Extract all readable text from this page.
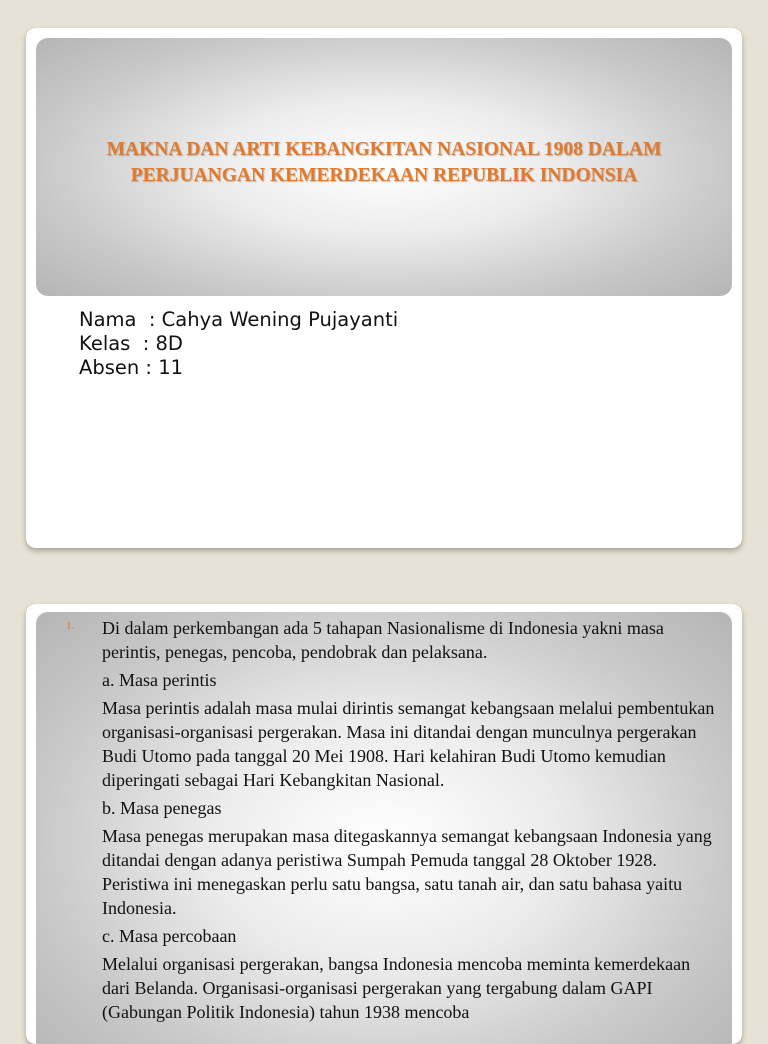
MAKNA DAN ARTI KEBANGKITAN NASIONAL 1908 DALAM
PERJUANGAN KEMERDEKAAN REPUBLIK INDONSIA
Nama  : Cahya Wening Pujayanti
Kelas  : 8D
Absen : 11
1. Di dalam perkembangan ada 5 tahapan Nasionalisme di Indonesia yakni masa perintis, penegas, pencoba, pendobrak dan pelaksana.

a. Masa perintis

Masa perintis adalah masa mulai dirintis semangat kebangsaan melalui pembentukan organisasi-organisasi pergerakan. Masa ini ditandai dengan munculnya pergerakan Budi Utomo pada tanggal 20 Mei 1908. Hari kelahiran Budi Utomo kemudian diperingati sebagai Hari Kebangkitan Nasional.

b. Masa penegas

Masa penegas merupakan masa ditegaskannya semangat kebangsaan Indonesia yang ditandai dengan adanya peristiwa Sumpah Pemuda tanggal 28 Oktober 1928. Peristiwa ini menegaskan perlu satu bangsa, satu tanah air, dan satu bahasa yaitu Indonesia.

c. Masa percobaan

Melalui organisasi pergerakan, bangsa Indonesia mencoba meminta kemerdekaan dari Belanda. Organisasi-organisasi pergerakan yang tergabung dalam GAPI (Gabungan Politik Indonesia) tahun 1938 mencoba
